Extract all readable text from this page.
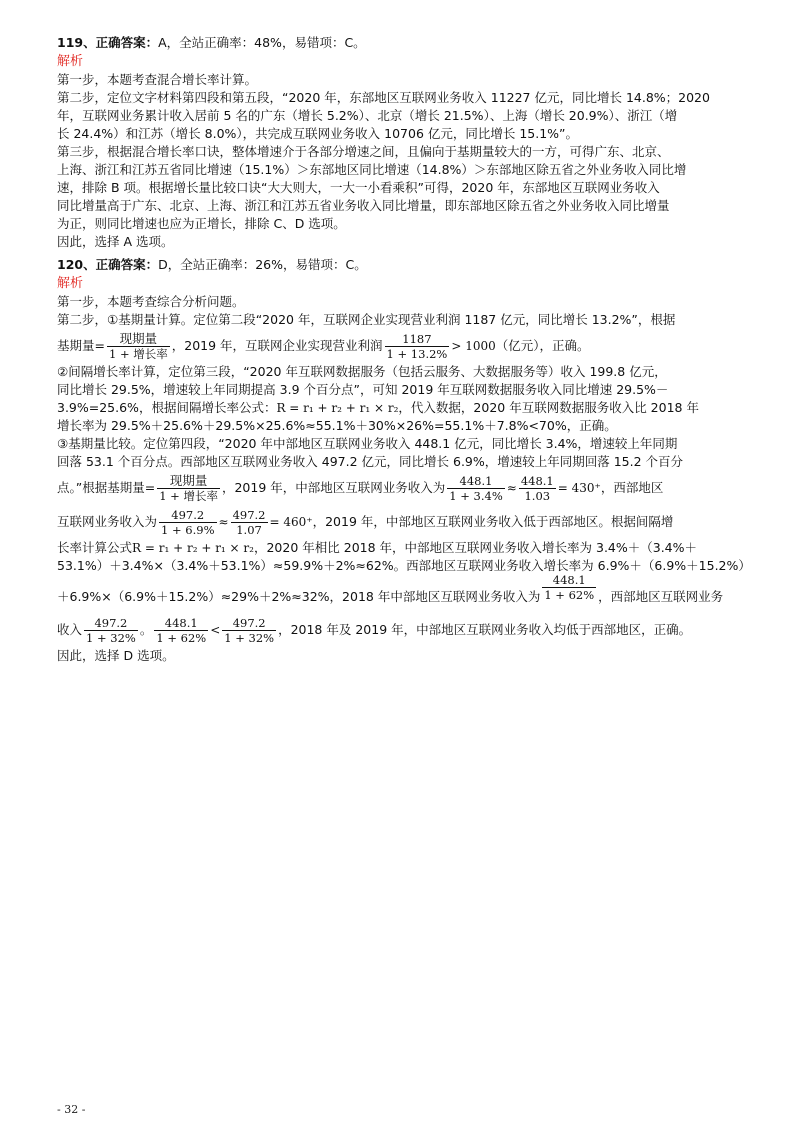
119、正确答案：A，全站正确率：48%，易错项：C。
解析
第一步，本题考查混合增长率计算。
第二步，定位文字材料第四段和第五段，“2020 年，东部地区互联网业务收入 11227 亿元，同比增长 14.8%；2020
年，互联网业务累计收入居前 5 名的广东（增长 5.2%）、北京（增长 21.5%）、上海（增长 20.9%）、浙江（增
长 24.4%）和江苏（增长 8.0%），共完成互联网业务收入 10706 亿元，同比增长 15.1%”。
第三步，根据混合增长率口诀，整体增速介于各部分增速之间，且偏向于基期量较大的一方，可得广东、北京、
上海、浙江和江苏五省同比增速（15.1%）＞东部地区同比增速（14.8%）＞东部地区除五省之外业务收入同比增
速，排除 B 项。根据增长量比较口诀“大大则大，一大一小看乘积”可得，2020 年，东部地区互联网业务收入
同比增量高于广东、北京、上海、浙江和江苏五省业务收入同比增量，即东部地区除五省之外业务收入同比增量
为正，则同比增速也应为正增长，排除 C、D 选项。
因此，选择 A 选项。
120、正确答案：D，全站正确率：26%，易错项：C。
解析
第一步，本题考查综合分析问题。
第二步，①基期量计算。定位第二段“2020 年，互联网企业实现营业利润 1187 亿元，同比增长 13.2%”，根据
基期量= $\frac{\text{现期量}}{\text{1 + 增长率}}$ ，2019 年，互联网企业实现营业利润 $\frac{1187}{1 + 13.2\%} > 1000$（亿元），正确。
②间隔增长率计算，定位第三段，“2020 年互联网数据服务（包括云服务、大数据服务等）收入 199.8 亿元，
同比增长 29.5%，增速较上年同期提高 3.9 个百分点”，可知 2019 年互联网数据服务收入同比增速 29.5%－
3.9%=25.6%，根据间隔增长率公式：R = r₁ + r₂ + r₁ × r₂，代入数据，2020 年互联网数据服务收入比 2018 年
增长率为 29.5%＋25.6%＋29.5%×25.6%≈55.1%＋30%×26%=55.1%＋7.8%<70%，正确。
③基期量比较。定位第四段，“2020 年中部地区互联网业务收入 448.1 亿元，同比增长 3.4%，增速较上年同期
回落 53.1 个百分点。西部地区互联网业务收入 497.2 亿元，同比增长 6.9%，增速较上年同期回落 15.2 个百分
点。”根据基期量= $\frac{\text{现期量}}{\text{1 + 增长率}}$ ，2019 年，中部地区互联网业务收入为 $\frac{448.1}{1 + 3.4\%} \approx \frac{448.1}{1.03} = 430^+$，西部地区
互联网业务收入为 $\frac{497.2}{1 + 6.9\%} \approx \frac{497.2}{1.07} = 460^+$，2019 年，中部地区互联网业务收入低于西部地区。根据间隔增
长率计算公式R = r₁ + r₂ + r₁ × r₂，2020 年相比 2018 年，中部地区互联网业务收入增长率为 3.4%＋（3.4%＋
53.1%）＋3.4%×（3.4%＋53.1%）≈59.9%＋2%≈62%。西部地区互联网业务收入增长率为 6.9%＋（6.9%＋15.2%）
＋6.9%×（6.9%＋15.2%）≈29%＋2%≈32%，2018 年中部地区互联网业务收入为 $\frac{448.1}{1 + 62\%}$ ，西部地区互联网业务
收入 $\frac{497.2}{1 + 32\%}$ 。 $\frac{448.1}{1 + 62\%} < \frac{497.2}{1 + 32\%}$ ，2018 年及 2019 年，中部地区互联网业务收入均低于西部地区，正确。
因此，选择 D 选项。
- 32 -
